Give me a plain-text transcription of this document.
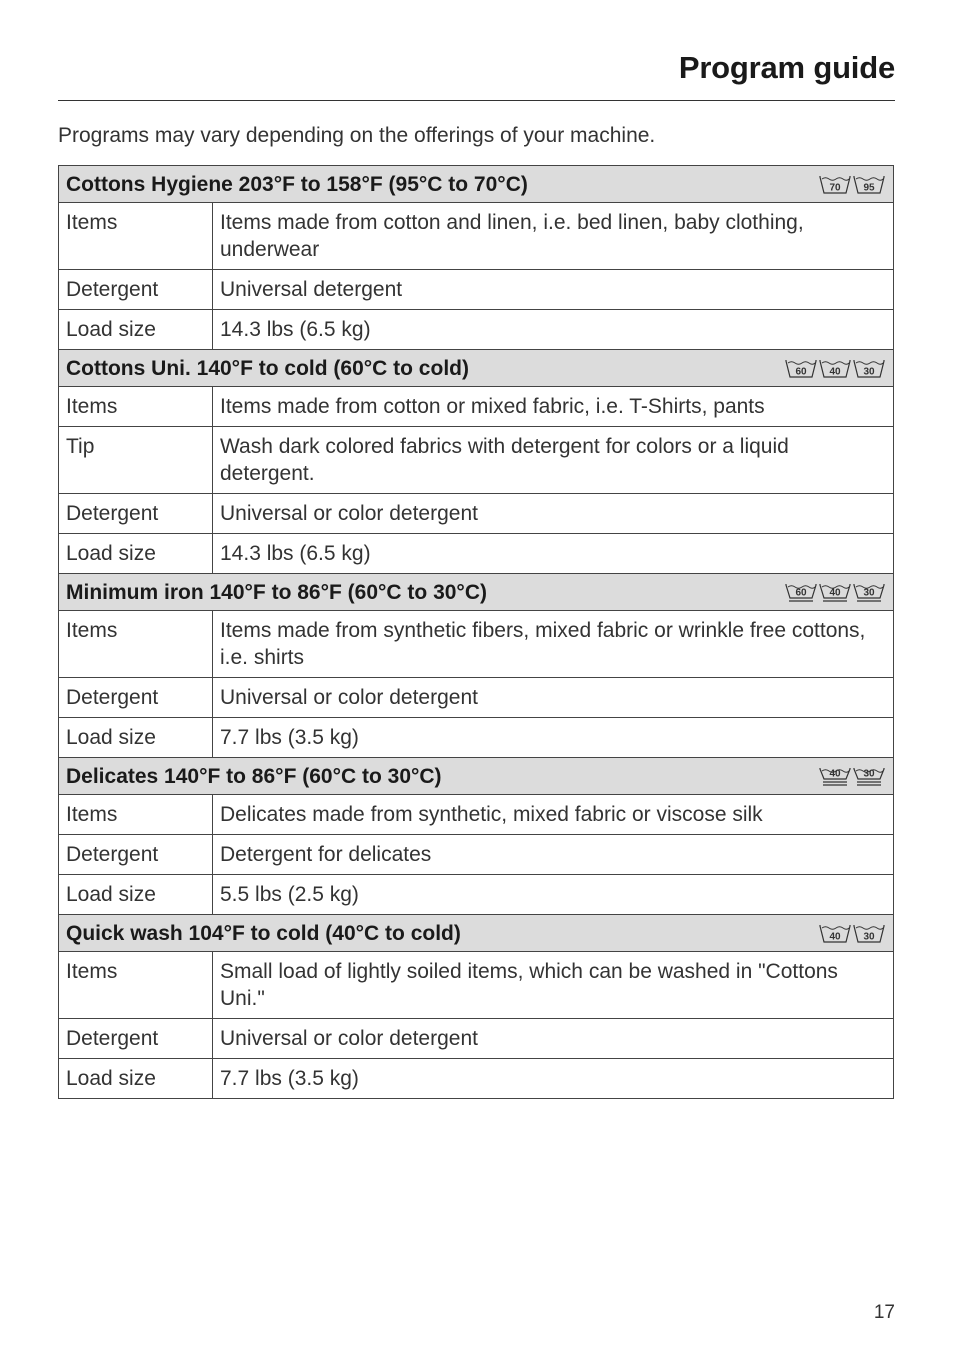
Program guide
Programs may vary depending on the offerings of your machine.
Cottons Hygiene 203°F to 158°F (95°C to 70°C) 70 95	

Items	Items made from cotton and linen, i.e. bed linen, baby clothing, underwear
Detergent	Universal detergent
Load size	14.3 lbs (6.5 kg)

Cottons Uni. 140°F to cold (60°C to cold) 60 40 30	

Items	Items made from cotton or mixed fabric, i.e. T-Shirts, pants
Tip	Wash dark colored fabrics with detergent for colors or a liquid detergent.
Detergent	Universal or color detergent
Load size	14.3 lbs (6.5 kg)

Minimum iron 140°F to 86°F (60°C to 30°C) 60 40 30	

Items	Items made from synthetic fibers, mixed fabric or wrinkle free cottons, i.e. shirts
Detergent	Universal or color detergent
Load size	7.7 lbs (3.5 kg)

Delicates 140°F to 86°F (60°C to 30°C) 40 30	

Items	Delicates made from synthetic, mixed fabric or viscose silk
Detergent	Detergent for delicates
Load size	5.5 lbs (2.5 kg)

Quick wash 104°F to cold (40°C to cold) 40 30	

Items	Small load of lightly soiled items, which can be washed in "Cottons Uni."
Detergent	Universal or color detergent
Load size	7.7 lbs (3.5 kg)
17
